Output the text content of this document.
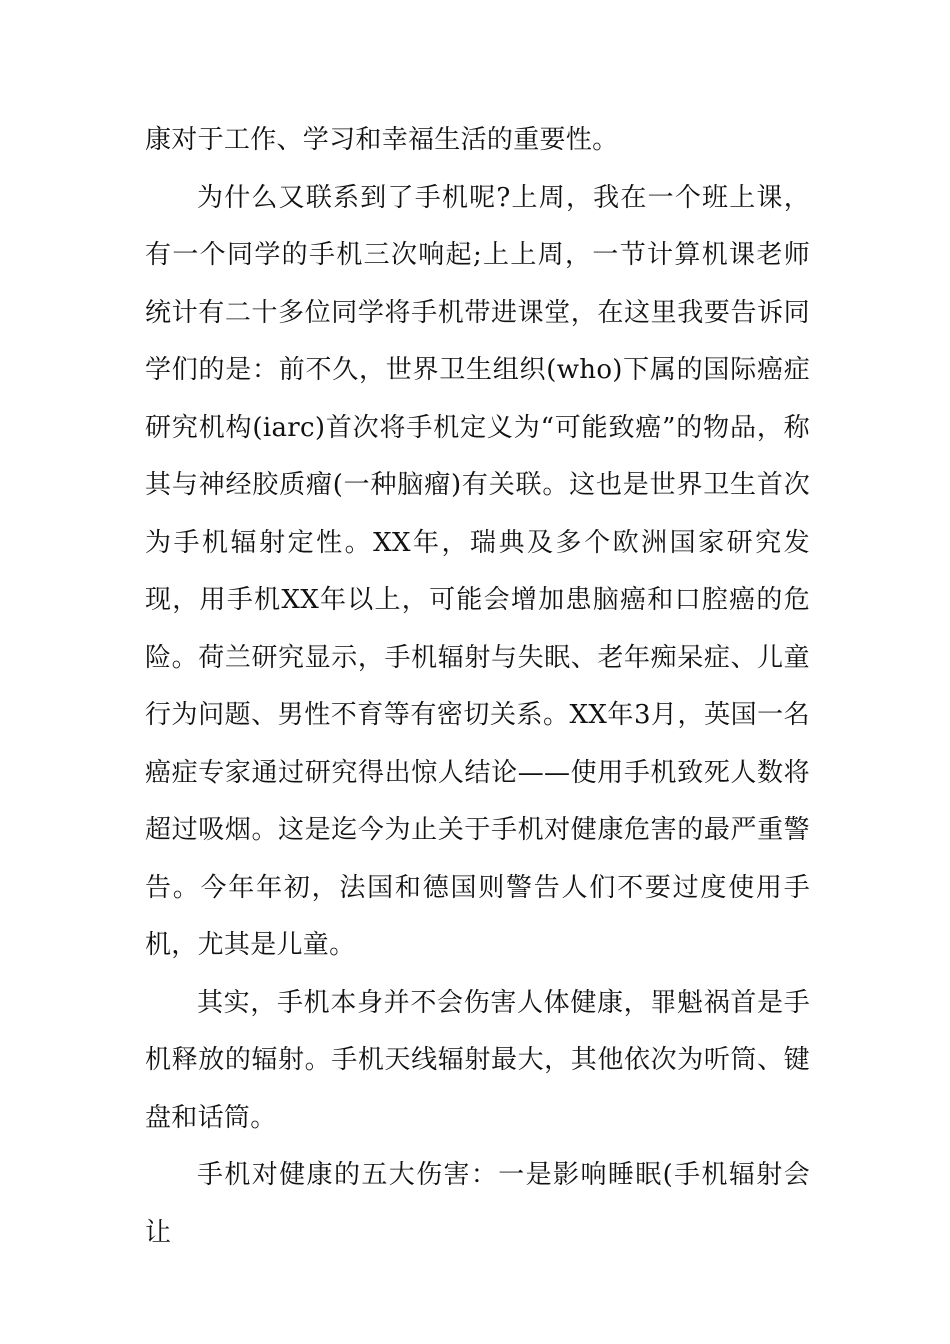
康对于工作、学习和幸福生活的重要性。

为什么又联系到了手机呢?上周，我在一个班上课，有一个同学的手机三次响起;上上周，一节计算机课老师统计有二十多位同学将手机带进课堂，在这里我要告诉同学们的是：前不久，世界卫生组织(who)下属的国际癌症研究机构(iarc)首次将手机定义为“可能致癌”的物品，称其与神经胶质瘤(一种脑瘤)有关联。这也是世界卫生首次为手机辐射定性。XX年，瑞典及多个欧洲国家研究发现，用手机XX年以上，可能会增加患脑癌和口腔癌的危险。荷兰研究显示，手机辐射与失眠、老年痴呆症、儿童行为问题、男性不育等有密切关系。XX年3月，英国一名癌症专家通过研究得出惊人结论——使用手机致死人数将超过吸烟。这是迄今为止关于手机对健康危害的最严重警告。今年年初，法国和德国则警告人们不要过度使用手机，尤其是儿童。

其实，手机本身并不会伤害人体健康，罪魁祸首是手机释放的辐射。手机天线辐射最大，其他依次为听筒、键盘和话筒。

手机对健康的五大伤害：一是影响睡眠(手机辐射会让
